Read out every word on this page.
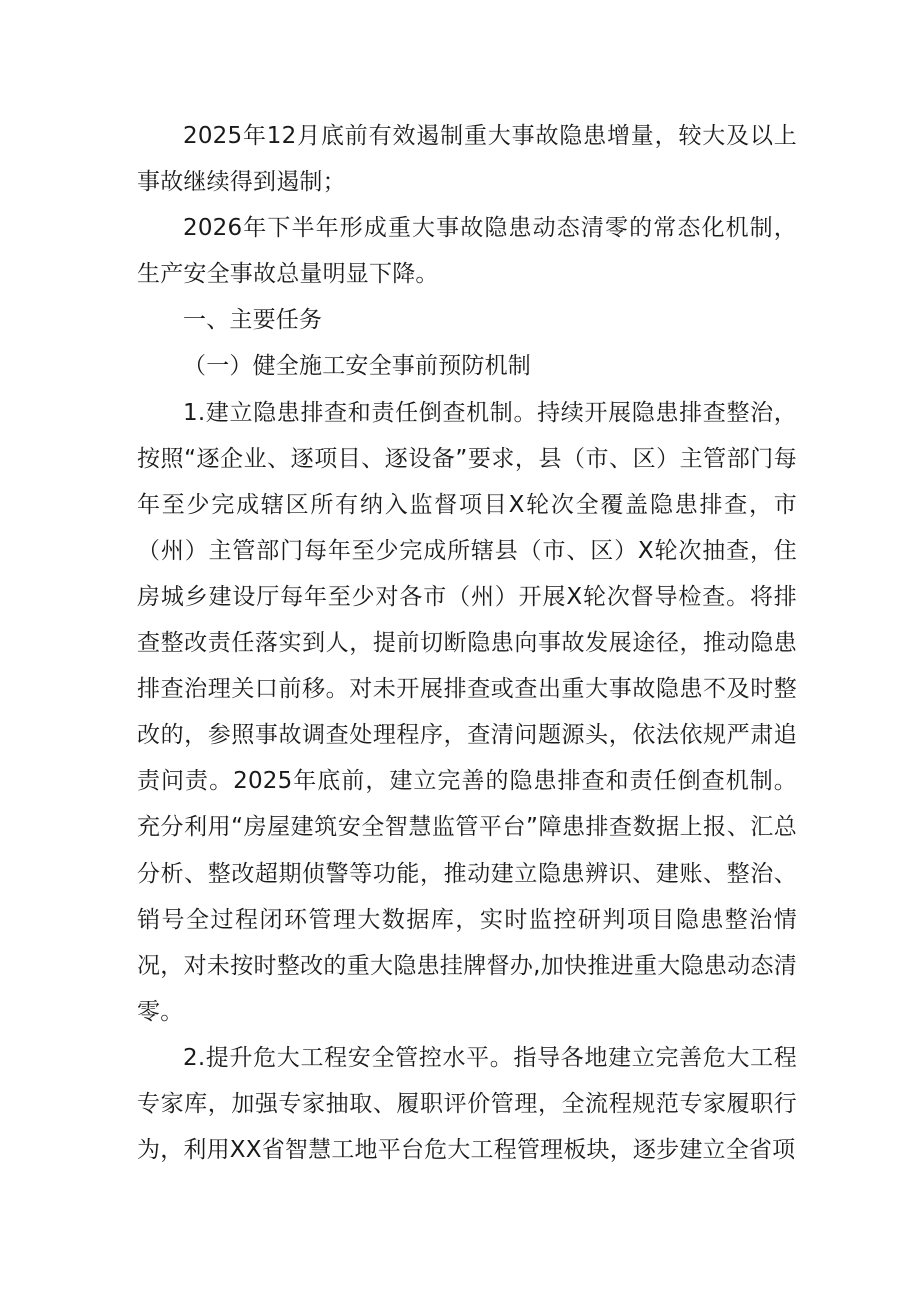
2025年12月底前有效遏制重大事故隐患增量，较大及以上事故继续得到遏制；

2026年下半年形成重大事故隐患动态清零的常态化机制，生产安全事故总量明显下降。

一、主要任务

（一）健全施工安全事前预防机制

1.建立隐患排查和责任倒查机制。持续开展隐患排查整治，按照“逐企业、逐项目、逐设备”要求，县（市、区）主管部门每年至少完成辖区所有纳入监督项目X轮次全覆盖隐患排查，市（州）主管部门每年至少完成所辖县（市、区）X轮次抽查，住房城乡建设厅每年至少对各市（州）开展X轮次督导检查。将排查整改责任落实到人，提前切断隐患向事故发展途径，推动隐患排查治理关口前移。对未开展排查或查出重大事故隐患不及时整改的，参照事故调查处理程序，查清问题源头，依法依规严肃追责问责。2025年底前，建立完善的隐患排查和责任倒查机制。充分利用“房屋建筑安全智慧监管平台”障患排查数据上报、汇总分析、整改超期侦警等功能，推动建立隐患辨识、建账、整治、销号全过程闭环管理大数据库，实时监控研判项目隐患整治情况，对未按时整改的重大隐患挂牌督办,加快推进重大隐患动态清零。

2.提升危大工程安全管控水平。指导各地建立完善危大工程专家库，加强专家抽取、履职评价管理，全流程规范专家履职行为，利用XX省智慧工地平台危大工程管理板块，逐步建立全省项
